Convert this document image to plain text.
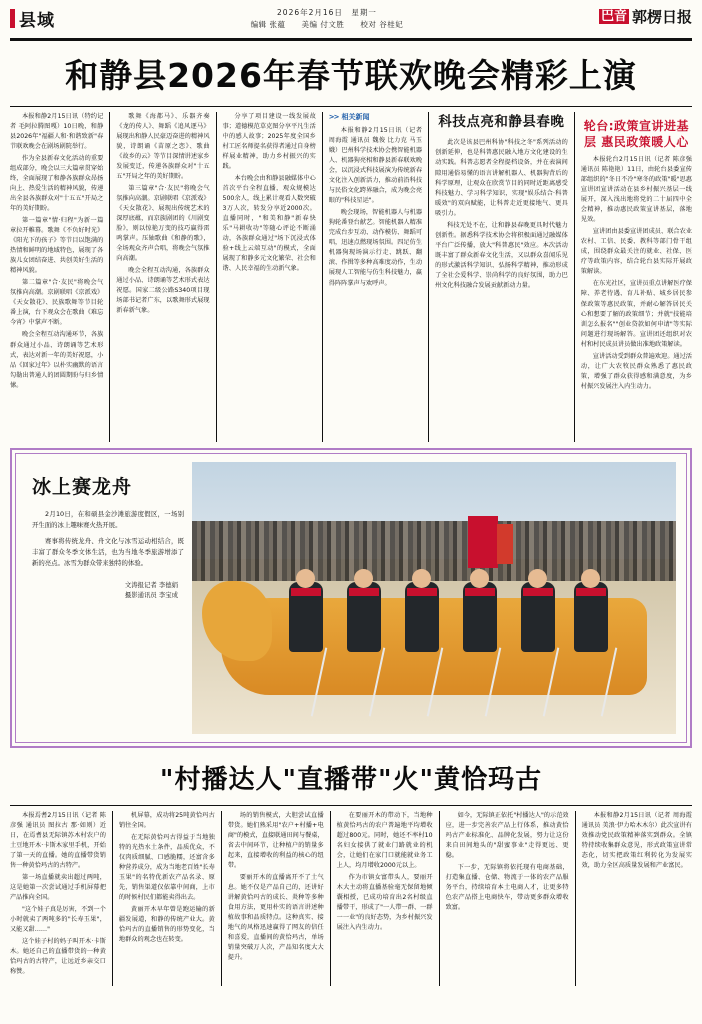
县域	2026年2月16日　星期一
编辑 张蕴　　美编 付文胜　　校对 谷桂妃
巴音 郭楞日报
和静县2026年春节联欢晚会精彩上演

本报和静2月15日讯（特约记者 毛阿拉腾图嘎）10日晚，和静县2026年"福疆人和·和谐致新"春节联欢晚会在剧场剧院举行。

作为全县新春文化活动的重要组成部分，晚会以三大篇章贯穿始终，全面展现了和静各族群众昂扬向上、热爱生活的精神风貌，传递出全县各族群众对"十五五"开局之年的美好期盼。

第一篇章"情·归程"为新一篇章拉开帷幕。歌舞《不负好时光》《阳光下的孩子》等节目以饱满的热情和鲜明的地域特色，展现了各族儿女团结奋进、共创美好生活的精神风貌。

第二篇章"合·友民"将晚会气氛推向高潮。京剧联唱《京派戏》《天女散花》、民族歌舞等节目轮番上演，台下观众会在歌曲《难忘今宵》中掌声不断。

晚会全程互动沟通环节，各族群众通过小品、诗朗诵等艺术形式，表达对新一年的美好祝愿，小品《回家过年》以朴实幽默的语言勾勒出普通人的团圆期盼与归乡情愫。

歌舞《海都马》、乐器齐奏《龙的传人》、舞蹈《追风逐马》展现出和静人民豪迈奋进的精神风貌，诗朗诵《苗原之恋》、歌曲《故乡的云》等节目深情讲述家乡发展变迁，传递各族群众对"十五五"开局之年的美好期盼。

第三篇章"合·友民"将晚会气氛推向高潮。京剧联唱《京派戏》《天女散花》、展现出传统艺术的深厚底蕴，而京族剧团的《川剧变脸》，则以惊艳万变的技巧赢得雷鸣掌声。压轴歌曲《和静的歌》，全场观众齐声合唱，将晚会气氛推向高潮。

晚会全程互动沟通，各族群众通过小品、诗朗诵等艺术形式表达祝愿。国家二级公路S340项目现场部书记者广东，以歌舞形式展现新春新气象。

分享了项目建设一线发展故事；道德模范草克图分享平凡生活中的感人故事；2025年度全国乡村工匠名师提名获得者通过自身榜样展业精神，助力乡村振兴的实践。

本台晚会由和静县融媒体中心首次平台全程直播，观众规模达500余人，线上累计观看人数突破3万人次，转发分享近2000次。直播同时，"和美和静"新春快乐"马耕收功"等随心评论不断涌动，各族群众通过"场下沉浸式体验+线上云端互动"的模式，全面展现了和静多元文化繁荣、社会和谐、人民幸福的生动新气象。

>> 相关新闻

本报和静2月15日讯（记者 周海霞 通讯员 魏俊 比力克 马玉娥）巴州科学技术协会携智能机器人、机器狗亮相和静县新春联欢晚会，以沉浸式科技展演为传统新春文化注入创新活力，推动前沿科技与民俗文化跨界融合，成为晚会亮眼的"科技星运"。

晚会现场，智能机器人与机器狗轮番登台献艺。智能机器人精准完成台步互动、动作模仿、舞蹈可唱，迅速点燃现场氛围。四足仿生机器狗现场演示行走、跳跃、翻滚、作揖等多种高难度动作，生动展现人工智能与仿生科技魅力，赢得阵阵掌声与欢呼声。

科技点亮和静县春晚

此次是该县巴州科协"科技之冬"系列活动的创新延伸，也是科普惠民融入地方文化建设的生动实践。科普志愿者全程提档设备，并在表演间隙用通俗易懂的语言讲解机器人、机器狗背后的科学原理，让观众在欣赏节目的同时近距离感受科技魅力、学习科学知识，实现"娱乐结合·科普暖效"的双向赋能，让科普走近更接地气、更具吸引力。

科技无处不在，让和静县春晚更具时代魅力创新性。据悉科学技术协会将积极面通过融媒体平台广泛传播，放大"科普惠民"效应。本次活动既丰富了群众新春文化生活，又以群众喜闻乐见的形式激活科学知识、弘扬科学精神，推动形成了全社会爱科学、崇尚科学的良好氛围，助力巴州文化科技融合发展贡献新动力量。

轮台:政策宣讲进基层 惠民政策暖人心

本报轮台2月15日讯（记者 陈彦强 通讯员 陈艳艳）11日，由轮台县委宣传部组织的"冬日不冷"寒冬的政策"暖"思惠宣讲团宣讲活动在县乡村振兴基层一线展开，深入浅出地将党的二十届四中全会精神，推动惠民政策宣讲基层，落地见效。

宣讲团由县委宣讲团成员、联合农业农村、工信、民委、教科等部门骨干组成，围绕群众最关注的就业、社保、医疗等政策内容，结合轮台县实际开展政策解读。

在东光社区，宣讲员重点讲解医疗保障、养老待遇、育儿补贴、城乡居民参保政策等惠民政策，并耐心解答居民关心和想要了解的政策细节；并就"技能培训怎么报名""创业贷款如何申请"等实际问题进行现场解答。宣讲团还组织对农村和村民成员讲员做出准地政策解读。

宣讲活动受到群众普遍欢迎。通过活动，让广大农牧民群众熟悉了惠民政策，增强了群众获得感和满意度，为乡村振兴发展注入内生动力。

冰上赛龙舟

2月10日，在和硕县金沙滩旅游度假区，一场别开生面的冰上趣味赛火热开展。

赛事将传统龙舟、舟文化与冰雪运动相结合，既丰富了群众冬季文体生活，也为当地冬季旅游增添了新的亮点。冰雪为群众带来独特的体验。

文涛报记者 李德娟
摄影通讯员 李宝成
"村播达人"直播带"火"黄恰玛古

本报焉耆2月15日讯（记者 陈彦强 通讯员 图拉古 那·如则）近日，在焉耆县无际镇苏木村农户的土豆地开木·卡斯木家里手机，开始了第一天的直播。她的直播带货销售一种黄恰玛古的古特产。

第一场直播就卖出超过两吨，这是她第一次尝试通过手机屏幕把产品推向全国。

"这个娃子真是厉害，不到一个小时就卖了两吨多的"长寿玉果"，又能又甜……"

这个娃子村的妈子叫开木·卡斯木。她还自己的直播带货的一种黄恰玛古的古特产，让远近乡亲交口称赞。

机屏幕，成功将25吨黄恰玛古销往全国。

在无际黄恰玛古得益于当地独特的光热水土条件，品质优众，不仅肉质细腻、口感脆糯，还富含多种营养成分，成为当地老百姓"长寿玉果"的名特优新农产品名录、原先，销售渠道仅依靠中间商，上市的时候村民们都能卖得出去。

黄丽开木早年曾是跑运输的新疆发展道，和静的传统产业大。黄恰玛古的直播销售的形势变化，当地群众的观念也在转变。

场的销售模式，大胆尝试直播带货。她们熟采用"农户+村播+电商"的模式，直接联通田间与餐桌，省去中间环节，让种植户的销量多起来，直接增收的利益的核心的纽带。

要丽开木的直播离开不了土气息。她不仅是产品自己的，还讲好讲解黄恰玛古的成长、炎种等多种食用方法，更用朴实的语言讲述种植故事和品质特点。这种真实、接地气的风格迅速赢得了网友的信任和喜爱，直播间的黄恰玛古，单场销量突破万人次，产品知名度大大提升。

在要丽开木的带动下，当地种植黄恰玛古的农户普遍地平均增收超过800元。同时，她还不率村10名妇女接供了就业门路就业的机会，让她们在家门口就能就业务工上人，均月增收2000元以上。

作为市镇女富带头人，要丽开木大主动将直播基验毫无保留地倾囊相授，已成功培育出2名村级直播带干，形成了"一人带一群、一群一一业"的良好态势，为乡村振兴发展注入内生动力。

如今，无际镇正依托"村播达人"的示范效应，进一步完善农产品上行体系，推动黄恰玛古产业标准化、品牌化发展，努力让这份来自田间地头的"甜蜜事业"走得更远、更稳。

下一步，无际镇将依托现有电商基础，打造集直播、仓储、物流于一体的农产品服务平台，持续培育本土电商人才，让更多特色农产品搭上电商快车，带动更多群众增收致富。

本报和静2月15日讯（记者 周海霞 通讯员 美浪·伊力哈木木尔）此次宣讲有效推动党民政策精神落实到群众。全镇特持续收集群众意见，形式政策宣讲常态化，切实把政策红利转化为发展实效，助力全区高质量发展和产业富民。
